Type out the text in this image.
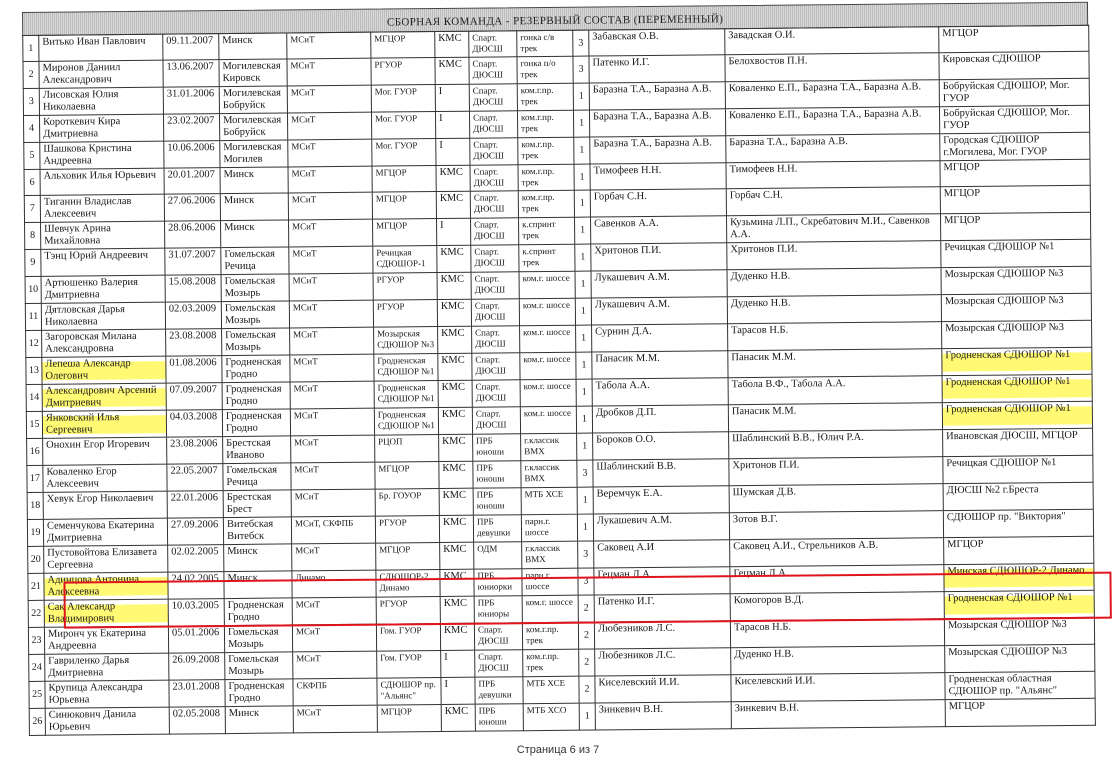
СБОРНАЯ КОМАНДА - РЕЗЕРВНЫЙ СОСТАВ (ПЕРЕМЕННЫЙ)
1	Витько Иван Павлович	09.11.2007	Минск	МСиТ	МГЦОР	КМС	Спарт. ДЮСШ	гонка с/в трек	3	Забавская О.В.	Завадская О.И.	МГЦОР
2	Миронов Даниил Александрович	13.06.2007	Могилевская Кировск	МСиТ	РГУОР	КМС	Спарт. ДЮСШ	гонка п/о трек	3	Патенко И.Г.	Белохвостов П.Н.	Кировская СДЮШОР
3	Лисовская Юлия Николаевна	31.01.2006	Могилевская Бобруйск	МСиТ	Мог. ГУОР	I	Спарт. ДЮСШ	ком.г.пр. трек	1	Баразна Т.А., Баразна А.В.	Коваленко Е.П., Баразна Т.А., Баразна А.В.	Бобруйская СДЮШОР, Мог. ГУОР
4	Короткевич Кира Дмитриевна	23.02.2007	Могилевская Бобруйск	МСиТ	Мог. ГУОР	I	Спарт. ДЮСШ	ком.г.пр. трек	1	Баразна Т.А., Баразна А.В.	Коваленко Е.П., Баразна Т.А., Баразна А.В.	Бобруйская СДЮШОР, Мог. ГУОР
5	Шашкова Кристина Андреевна	10.06.2006	Могилевская Могилев	МСиТ	Мог. ГУОР	I	Спарт. ДЮСШ	ком.г.пр. трек	1	Баразна Т.А., Баразна А.В.	Баразна Т.А., Баразна А.В.	Городская СДЮШОР г.Могилева, Мог. ГУОР
6	Альховик Илья Юрьевич	20.01.2007	Минск	МСиТ	МГЦОР	КМС	Спарт. ДЮСШ	ком.г.пр. трек	1	Тимофеев Н.Н.	Тимофеев Н.Н.	МГЦОР
7	Тиганин Владислав Алексеевич	27.06.2006	Минск	МСиТ	МГЦОР	КМС	Спарт. ДЮСШ	ком.г.пр. трек	1	Горбач С.Н.	Горбач С.Н.	МГЦОР
8	Шевчук Арина Михайловна	28.06.2006	Минск	МСиТ	МГЦОР	I	Спарт. ДЮСШ	к.спринт трек	1	Савенков А.А.	Кузьмина Л.П., Скребатович М.И., Савенков А.А.	МГЦОР
9	Тэнц Юрий Андреевич	31.07.2007	Гомельская Речица	МСиТ	Речицкая СДЮШОР-1	КМС	Спарт. ДЮСШ	к.спринт трек	1	Хритонов П.И.	Хритонов П.И.	Речицкая СДЮШОР №1
10	Артюшенко Валерия Дмитриевна	15.08.2008	Гомельская Мозырь	МСиТ	РГУОР	КМС	Спарт. ДЮСШ	ком.г. шоссе	1	Лукашевич А.М.	Дуденко Н.В.	Мозырская СДЮШОР №3
11	Дятловская Дарья Николаевна	02.03.2009	Гомельская Мозырь	МСиТ	РГУОР	КМС	Спарт. ДЮСШ	ком.г. шоссе	1	Лукашевич А.М.	Дуденко Н.В.	Мозырская СДЮШОР №3
12	Загоровская Милана Александровна	23.08.2008	Гомельская Мозырь	МСиТ	Мозырская СДЮШОР №3	КМС	Спарт. ДЮСШ	ком.г. шоссе	1	Сурнин Д.А.	Тарасов Н.Б.	Мозырская СДЮШОР №3
13	Лепеша Александр Олегович	01.08.2006	Гродненская Гродно	МСиТ	Гродненская СДЮШОР №1	КМС	Спарт. ДЮСШ	ком.г. шоссе	1	Панасик М.М.	Панасик М.М.	Гродненская СДЮШОР №1
14	Александрович Арсений Дмитриевич	07.09.2007	Гродненская Гродно	МСиТ	Гродненская СДЮШОР №1	КМС	Спарт. ДЮСШ	ком.г. шоссе	1	Табола А.А.	Табола В.Ф., Табола А.А.	Гродненская СДЮШОР №1
15	Янковский Илья Сергеевич	04.03.2008	Гродненская Гродно	МСиТ	Гродненская СДЮШОР №1	КМС	Спарт. ДЮСШ	ком.г. шоссе	1	Дробков Д.П.	Панасик М.М.	Гродненская СДЮШОР №1
16	Онохин Егор Игоревич	23.08.2006	Брестская Иваново	МСиТ	РЦОП	КМС	ПРБ юноши	г.классик ВМХ	1	Бороков О.О.	Шаблинский В.В., Юлич Р.А.	Ивановская ДЮСШ, МГЦОР
17	Коваленко Егор Алексеевич	22.05.2007	Гомельская Речица	МСиТ	МГЦОР	КМС	ПРБ юноши	г.классик ВМХ	3	Шаблинский В.В.	Хритонов П.И.	Речицкая СДЮШОР №1
18	Хевук Егор Николаевич	22.01.2006	Брестская Брест	МСиТ	Бр. ГОУОР	КМС	ПРБ юноши	МТБ ХСЕ	1	Веремчук Е.А.	Шумская Д.В.	ДЮСШ №2 г.Бреста
19	Семенчукова Екатерина Дмитриевна	27.09.2006	Витебская Витебск	МСиТ, СКФПБ	РГУОР	КМС	ПРБ девушки	парн.г. шоссе	1	Лукашевич А.М.	Зотов В.Г.	СДЮШОР пр. "Виктория"
20	Пустовойтова Елизавета Сергеевна	02.02.2005	Минск	МСиТ	МГЦОР	КМС	ОДМ	г.классик ВМХ	3	Саковец А.И	Саковец А.И., Стрельников А.В.	МГЦОР
21	Адинцова Антонина Алексеевна	24.02.2005	Минск	Динамо	СДЮШОР-2 Динамо	КМС	ПРБ юниорки	парн.г. шоссе	3	Гецман Л.А.	Гецман Л.А.	Минская СДЮШОР-2 Динамо
22	Сак Александр Владимирович	10.03.2005	Гродненская Гродно	МСиТ	РГУОР	КМС	ПРБ юниоры	ком.г. шоссе	2	Патенко И.Г.	Комогоров В.Д.	Гродненская СДЮШОР №1
23	Миронч ук Екатерина Андреевна	05.01.2006	Гомельская Мозырь	МСиТ	Гом. ГУОР	КМС	Спарт. ДЮСШ	ком.г.пр. трек	2	Любезников Л.С.	Тарасов Н.Б.	Мозырская СДЮШОР №3
24	Гавриленко Дарья Дмитриевна	26.09.2008	Гомельская Мозырь	МСиТ	Гом. ГУОР	I	Спарт. ДЮСШ	ком.г.пр. трек	2	Любезников Л.С.	Дуденко Н.В.	Мозырская СДЮШОР №3
25	Крупица Александра Юрьевна	23.01.2008	Гродненская Гродно	СКФПБ	СДЮШОР пр. "Альянс"	I	ПРБ девушки	МТБ ХСЕ	2	Киселевский И.И.	Киселевский И.И.	Гродненская областная СДЮШОР пр. "Альянс"
26	Синюкович Данила Юрьевич	02.05.2008	Минск	МСиТ	МГЦОР	КМС	ПРБ юноши	МТБ ХСО	1	Зинкевич В.Н.	Зинкевич В.Н.	МГЦОР
Страница 6 из 7
